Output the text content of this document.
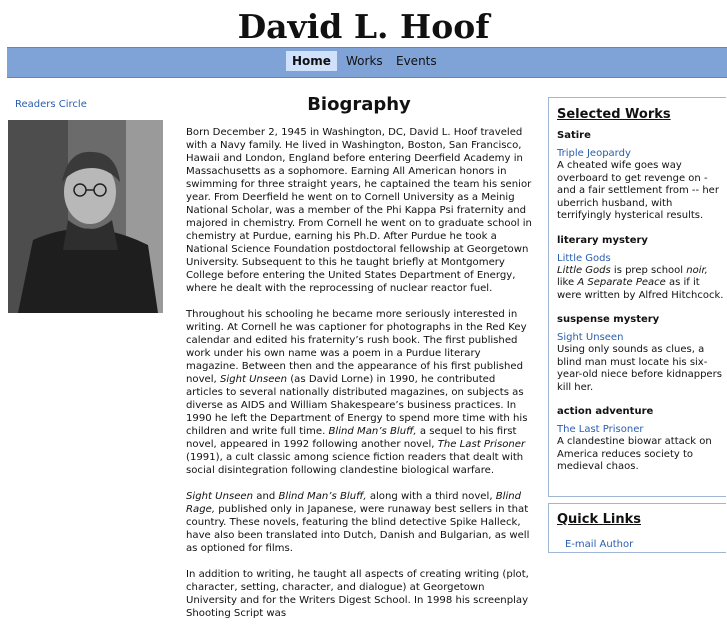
David L. Hoof
Home	Works	Events
Readers Circle	Biography

Born December 2, 1945 in Washington, DC, David L. Hoof traveled with a Navy family. He lived in Washington, Boston, San Francisco, Hawaii and London, England before entering Deerfield Academy in Massachusetts as a sophomore. Earning All American honors in swimming for three straight years, he captained the team his senior year. From Deerfield he went on to Cornell University as a Meinig National Scholar, was a member of the Phi Kappa Psi fraternity and majored in chemistry. From Cornell he went on to graduate school in chemistry at Purdue, earning his Ph.D. After Purdue he took a National Science Foundation postdoctoral fellowship at Georgetown University. Subsequent to this he taught briefly at Montgomery College before entering the United States Department of Energy, where he dealt with the reprocessing of nuclear reactor fuel.

Throughout his schooling he became more seriously interested in writing. At Cornell he was captioner for photographs in the Red Key calendar and edited his fraternity’s rush book. The first published work under his own name was a poem in a Purdue literary magazine. Between then and the appearance of his first published novel, Sight Unseen (as David Lorne) in 1990, he contributed articles to several nationally distributed magazines, on subjects as diverse as AIDS and William Shakespeare’s business practices. In 1990 he left the Department of Energy to spend more time with his children and write full time. Blind Man’s Bluff, a sequel to his first novel, appeared in 1992 following another novel, The Last Prisoner (1991), a cult classic among science fiction readers that dealt with social disintegration following clandestine biological warfare.

Sight Unseen and Blind Man’s Bluff, along with a third novel, Blind Rage, published only in Japanese, were runaway best sellers in that country. These novels, featuring the blind detective Spike Halleck, have also been translated into Dutch, Danish and Bulgarian, as well as optioned for films.

In addition to writing, he taught all aspects of creating writing (plot, character, setting, character, and dialogue) at Georgetown University and for the Writers Digest School. In 1998 his screenplay Shooting Script was

Selected Works
Satire
Triple Jeopardy

A cheated wife goes way overboard to get revenge on - and a fair settlement from -- her uberrich husband, with terrifyingly hysterical results.

literary mystery
Little Gods

Little Gods is prep school noir, like A Separate Peace as if it were written by Alfred Hitchcock.

suspense mystery
Sight Unseen

Using only sounds as clues, a blind man must locate his six-year-old niece before kidnappers kill her.

action adventure
The Last Prisoner

A clandestine biowar attack on America reduces society to medieval chaos.

Quick Links
E-mail Author
